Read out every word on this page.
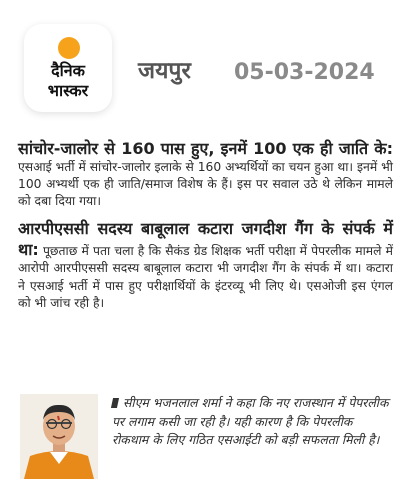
दैनिक
भास्कर
जयपुर 05-03-2024

सांचोर-जालोर से 160 पास हुए, इनमें 100 एक ही जाति के: एसआई भर्ती में सांचोर-जालोर इलाके से 160 अभ्यर्थियों का चयन हुआ था। इनमें भी 100 अभ्यर्थी एक ही जाति/समाज विशेष के हैं। इस पर सवाल उठे थे लेकिन मामले को दबा दिया गया।

आरपीएससी सदस्य बाबूलाल कटारा जगदीश गैंग के संपर्क में था: पूछताछ में पता चला है कि सैकंड ग्रेड शिक्षक भर्ती परीक्षा में पेपरलीक मामले में आरोपी आरपीएससी सदस्य बाबूलाल कटारा भी जगदीश गैंग के संपर्क में था। कटारा ने एसआई भर्ती में पास हुए परीक्षार्थियों के इंटरव्यू भी लिए थे। एसओजी इस एंगल को भी जांच रही है।

सीएम भजनलाल शर्मा ने कहा कि नए राजस्थान में पेपरलीक पर लगाम कसी जा रही है। यही कारण है कि पेपरलीक रोकथाम के लिए गठित एसआईटी को बड़ी सफलता मिली है।
